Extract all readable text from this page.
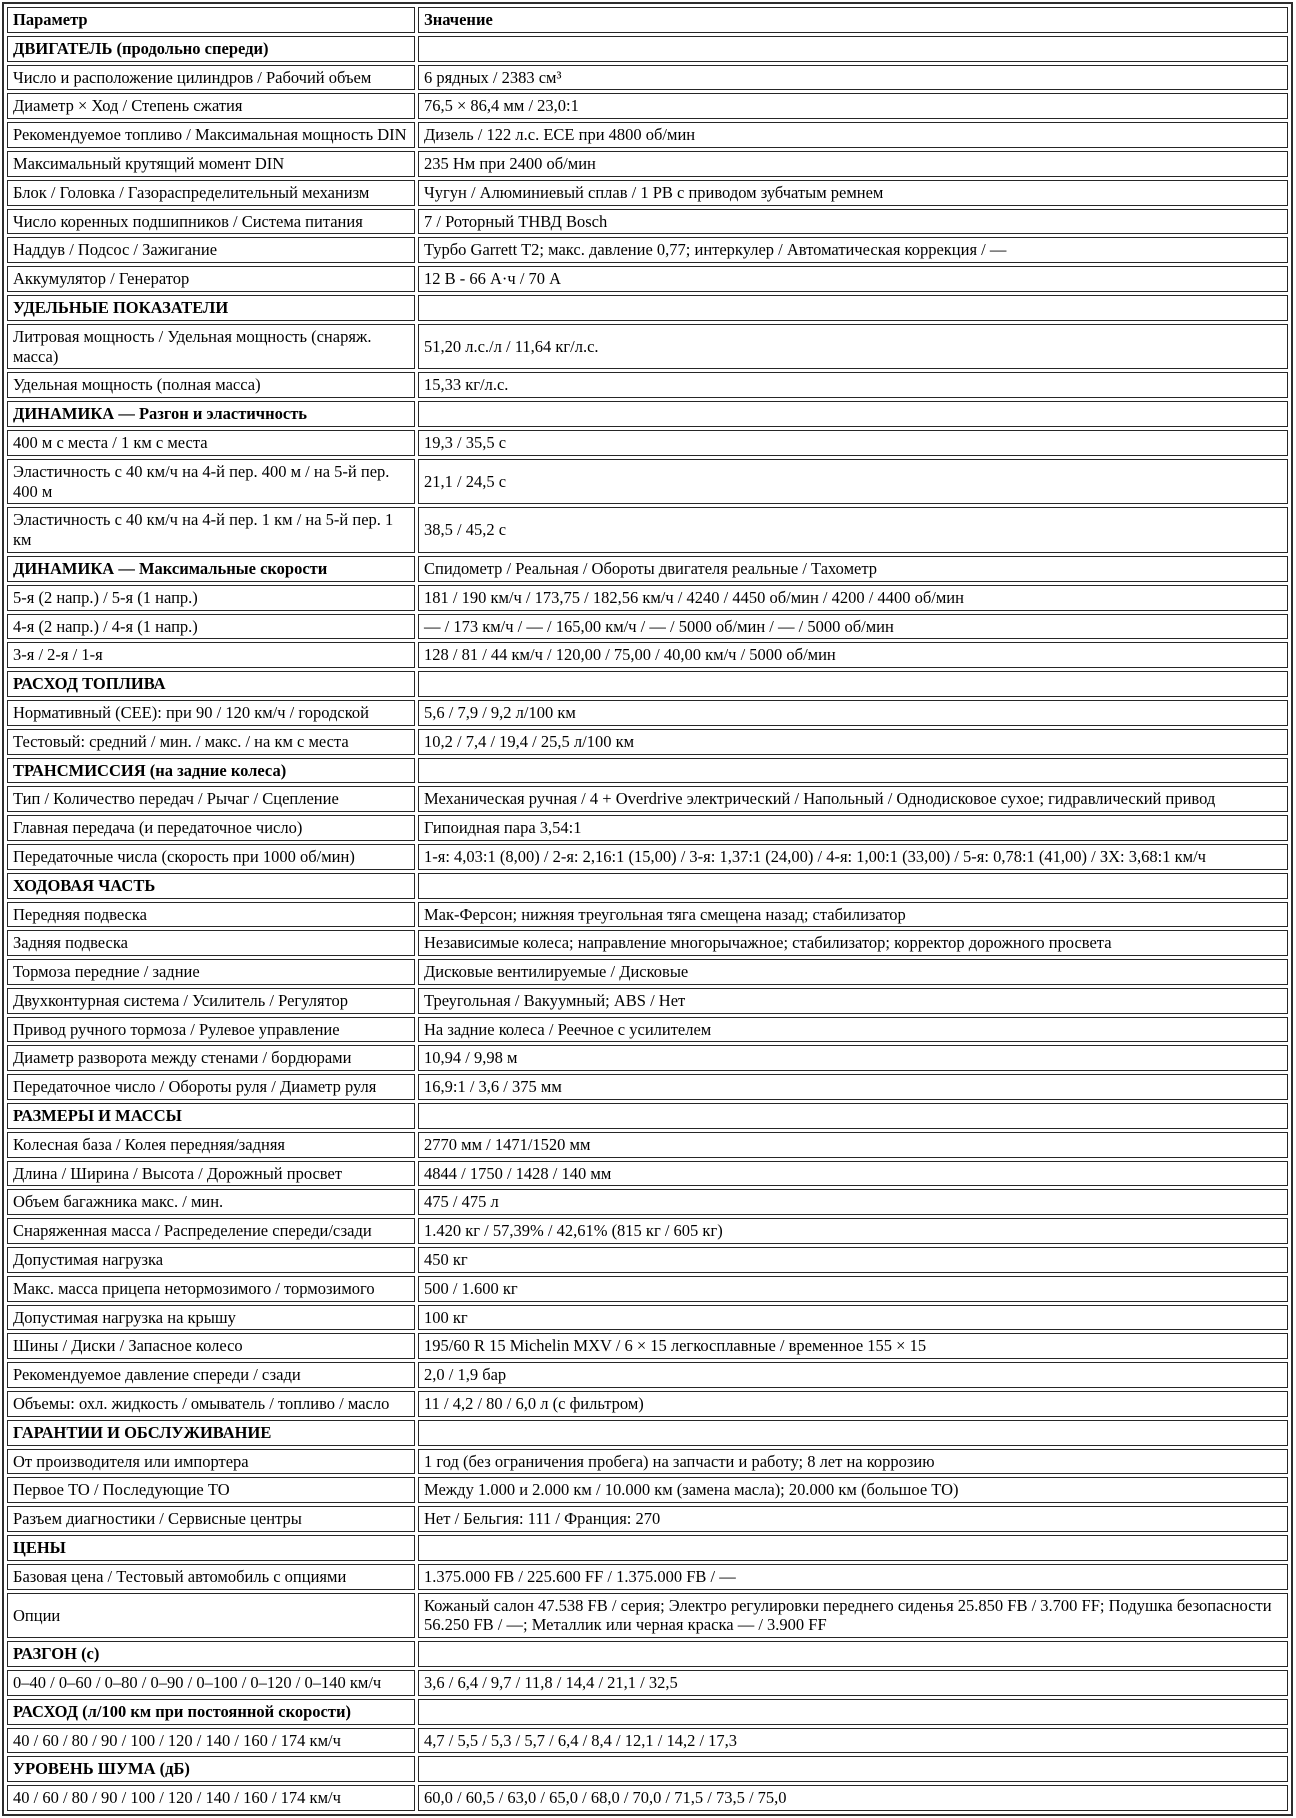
Параметр	Значение
ДВИГАТЕЛЬ (продольно спереди)	
Число и расположение цилиндров / Рабочий объем	6 рядных / 2383 см³
Диаметр × Ход / Степень сжатия	76,5 × 86,4 мм / 23,0:1
Рекомендуемое топливо / Максимальная мощность DIN	Дизель / 122 л.с. ECE при 4800 об/мин
Максимальный крутящий момент DIN	235 Нм при 2400 об/мин
Блок / Головка / Газораспределительный механизм	Чугун / Алюминиевый сплав / 1 РВ с приводом зубчатым ремнем
Число коренных подшипников / Система питания	7 / Роторный ТНВД Bosch
Наддув / Подсос / Зажигание	Турбо Garrett T2; макс. давление 0,77; интеркулер / Автоматическая коррекция / —
Аккумулятор / Генератор	12 В - 66 А·ч / 70 А
УДЕЛЬНЫЕ ПОКАЗАТЕЛИ	
Литровая мощность / Удельная мощность (снаряж. масса)	51,20 л.с./л / 11,64 кг/л.с.
Удельная мощность (полная масса)	15,33 кг/л.с.
ДИНАМИКА — Разгон и эластичность	
400 м с места / 1 км с места	19,3 / 35,5 с
Эластичность с 40 км/ч на 4-й пер. 400 м / на 5-й пер. 400 м	21,1 / 24,5 с
Эластичность с 40 км/ч на 4-й пер. 1 км / на 5-й пер. 1 км	38,5 / 45,2 с
ДИНАМИКА — Максимальные скорости	Спидометр / Реальная / Обороты двигателя реальные / Тахометр
5-я (2 напр.) / 5-я (1 напр.)	181 / 190 км/ч / 173,75 / 182,56 км/ч / 4240 / 4450 об/мин / 4200 / 4400 об/мин
4-я (2 напр.) / 4-я (1 напр.)	— / 173 км/ч / — / 165,00 км/ч / — / 5000 об/мин / — / 5000 об/мин
3-я / 2-я / 1-я	128 / 81 / 44 км/ч / 120,00 / 75,00 / 40,00 км/ч / 5000 об/мин
РАСХОД ТОПЛИВА	
Нормативный (CEE): при 90 / 120 км/ч / городской	5,6 / 7,9 / 9,2 л/100 км
Тестовый: средний / мин. / макс. / на км с места	10,2 / 7,4 / 19,4 / 25,5 л/100 км
ТРАНСМИССИЯ (на задние колеса)	
Тип / Количество передач / Рычаг / Сцепление	Механическая ручная / 4 + Overdrive электрический / Напольный / Однодисковое сухое; гидравлический привод
Главная передача (и передаточное число)	Гипоидная пара 3,54:1
Передаточные числа (скорость при 1000 об/мин)	1-я: 4,03:1 (8,00) / 2-я: 2,16:1 (15,00) / 3-я: 1,37:1 (24,00) / 4-я: 1,00:1 (33,00) / 5-я: 0,78:1 (41,00) / ЗХ: 3,68:1 км/ч
ХОДОВАЯ ЧАСТЬ	
Передняя подвеска	Мак-Ферсон; нижняя треугольная тяга смещена назад; стабилизатор
Задняя подвеска	Независимые колеса; направление многорычажное; стабилизатор; корректор дорожного просвета
Тормоза передние / задние	Дисковые вентилируемые / Дисковые
Двухконтурная система / Усилитель / Регулятор	Треугольная / Вакуумный; ABS / Нет
Привод ручного тормоза / Рулевое управление	На задние колеса / Реечное с усилителем
Диаметр разворота между стенами / бордюрами	10,94 / 9,98 м
Передаточное число / Обороты руля / Диаметр руля	16,9:1 / 3,6 / 375 мм
РАЗМЕРЫ И МАССЫ	
Колесная база / Колея передняя/задняя	2770 мм / 1471/1520 мм
Длина / Ширина / Высота / Дорожный просвет	4844 / 1750 / 1428 / 140 мм
Объем багажника макс. / мин.	475 / 475 л
Снаряженная масса / Распределение спереди/сзади	1.420 кг / 57,39% / 42,61% (815 кг / 605 кг)
Допустимая нагрузка	450 кг
Макс. масса прицепа нетормозимого / тормозимого	500 / 1.600 кг
Допустимая нагрузка на крышу	100 кг
Шины / Диски / Запасное колесо	195/60 R 15 Michelin MXV / 6 × 15 легкосплавные / временное 155 × 15
Рекомендуемое давление спереди / сзади	2,0 / 1,9 бар
Объемы: охл. жидкость / омыватель / топливо / масло	11 / 4,2 / 80 / 6,0 л (с фильтром)
ГАРАНТИИ И ОБСЛУЖИВАНИЕ	
От производителя или импортера	1 год (без ограничения пробега) на запчасти и работу; 8 лет на коррозию
Первое ТО / Последующие ТО	Между 1.000 и 2.000 км / 10.000 км (замена масла); 20.000 км (большое ТО)
Разъем диагностики / Сервисные центры	Нет / Бельгия: 111 / Франция: 270
ЦЕНЫ	
Базовая цена / Тестовый автомобиль с опциями	1.375.000 FB / 225.600 FF / 1.375.000 FB / —
Опции	Кожаный салон 47.538 FB / серия; Электро регулировки переднего сиденья 25.850 FB / 3.700 FF; Подушка безопасности 56.250 FB / —; Металлик или черная краска — / 3.900 FF
РАЗГОН (с)	
0–40 / 0–60 / 0–80 / 0–90 / 0–100 / 0–120 / 0–140 км/ч	3,6 / 6,4 / 9,7 / 11,8 / 14,4 / 21,1 / 32,5
РАСХОД (л/100 км при постоянной скорости)	
40 / 60 / 80 / 90 / 100 / 120 / 140 / 160 / 174 км/ч	4,7 / 5,5 / 5,3 / 5,7 / 6,4 / 8,4 / 12,1 / 14,2 / 17,3
УРОВЕНЬ ШУМА (дБ)	
40 / 60 / 80 / 90 / 100 / 120 / 140 / 160 / 174 км/ч	60,0 / 60,5 / 63,0 / 65,0 / 68,0 / 70,0 / 71,5 / 73,5 / 75,0
